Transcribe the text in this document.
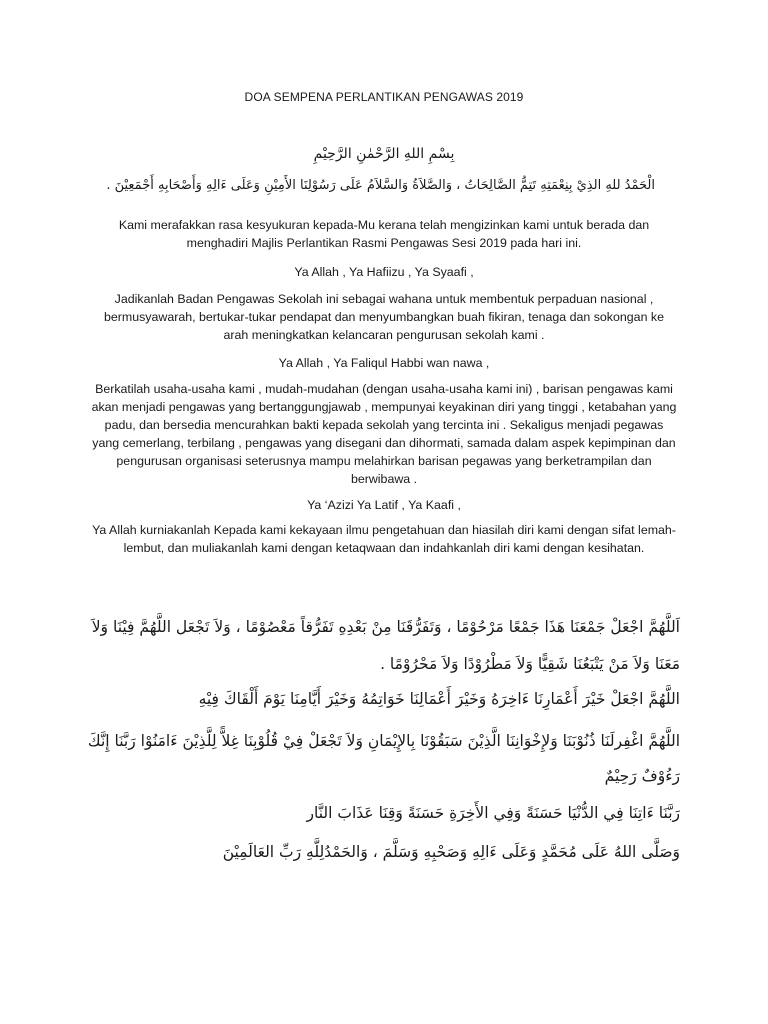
DOA SEMPENA PERLANTIKAN PENGAWAS 2019
بِسْمِ اللهِ الرَّحْمٰنِ الرَّحِيْمِ
الْحَمْدُ للهِ الذِيْ بِنِعْمَتِهِ تَتِمُّ الصَّالِحَاتُ ، وَالصَّلاَةُ وَالسَّلاَمُ عَلَى رَسُوْلِنَا الأَمِيْنِ وَعَلَى ءَالِهِ وَأَصْحَابِهِ أَجْمَعِيْنَ .
Kami merafakkan rasa kesyukuran kepada-Mu kerana telah mengizinkan kami untuk berada dan menghadiri Majlis Perlantikan Rasmi Pengawas Sesi 2019 pada hari ini.
Ya Allah , Ya Hafiizu , Ya Syaafi ,
Jadikanlah Badan Pengawas Sekolah ini sebagai wahana untuk membentuk perpaduan nasional , bermusyawarah, bertukar-tukar pendapat dan menyumbangkan buah fikiran, tenaga dan sokongan ke arah meningkatkan kelancaran pengurusan sekolah kami .
Ya Allah , Ya Faliqul Habbi wan nawa ,
Berkatilah usaha-usaha kami , mudah-mudahan (dengan usaha-usaha kami ini) , barisan pengawas kami akan menjadi pengawas yang bertanggungjawab , mempunyai keyakinan diri yang tinggi , ketabahan yang padu, dan bersedia mencurahkan bakti kepada sekolah yang tercinta ini . Sekaligus menjadi pegawas yang cemerlang, terbilang , pengawas yang disegani dan dihormati, samada dalam aspek kepimpinan dan pengurusan organisasi seterusnya mampu melahirkan barisan pegawas yang berketrampilan dan berwibawa .
Ya ‘Azizi Ya Latif , Ya Kaafi ,
Ya Allah kurniakanlah Kepada kami kekayaan ilmu pengetahuan dan hiasilah diri kami dengan sifat lemah-lembut, dan muliakanlah kami dengan ketaqwaan dan indahkanlah diri kami dengan kesihatan.
اَللَّهُمَّ اجْعَلْ جَمْعَنَا هَذَا جَمْعًا مَرْحُوْمًا ، وَتَفَرُّقَنَا مِنْ بَعْدِهِ تَفَرُّقاً مَعْصُوْمًا ، وَلاَ تَجْعَل اللَّهُمَّ فِيْنَا وَلاَ
مَعَنَا وَلاَ مَنْ يَتْبَعُنَا شَقِيًّا وَلاَ مَطْرُوْدًا وَلاَ مَحْرُوْمًا .
اللَّهُمَّ اجْعَلْ خَيْرَ أَعْمَارِنَا ءَاخِرَهُ وَخَيْرَ أَعْمَالِنَا خَوَاتِمُهُ وَخَيْرَ أَيَّامِنَا يَوْمَ أَلْقَاكَ فِيْهِ
اللَّهُمَّ اغْفِرلَنَا ذُنُوْبَنَا وَلإِخْوَانِنَا الَّذِيْنَ سَبَقُوْنَا بِالإِيْمَانِ وَلاَ تَجْعَلْ فِيْ قُلُوْبِنَا غِلاًّ لِلَّذِيْنَ ءَامَنُوْا رَبَّنَا إِنَّكَ
رَءُوْفٌ رَحِيْمٌ
رَبَّنَا ءَاتِنَا فِي الدُّنْيَا حَسَنَةً وَفِي الأَخِرَةِ حَسَنَةً وَقِنَا عَذَابَ النَّار
وَصَلَّى اللهُ عَلَى مُحَمَّدٍ وَعَلَى ءَالِهِ وَصَحْبِهِ وَسَلَّمَ ، وَالحَمْدُلِلَّهِ رَبِّ العَالَمِيْنَ
